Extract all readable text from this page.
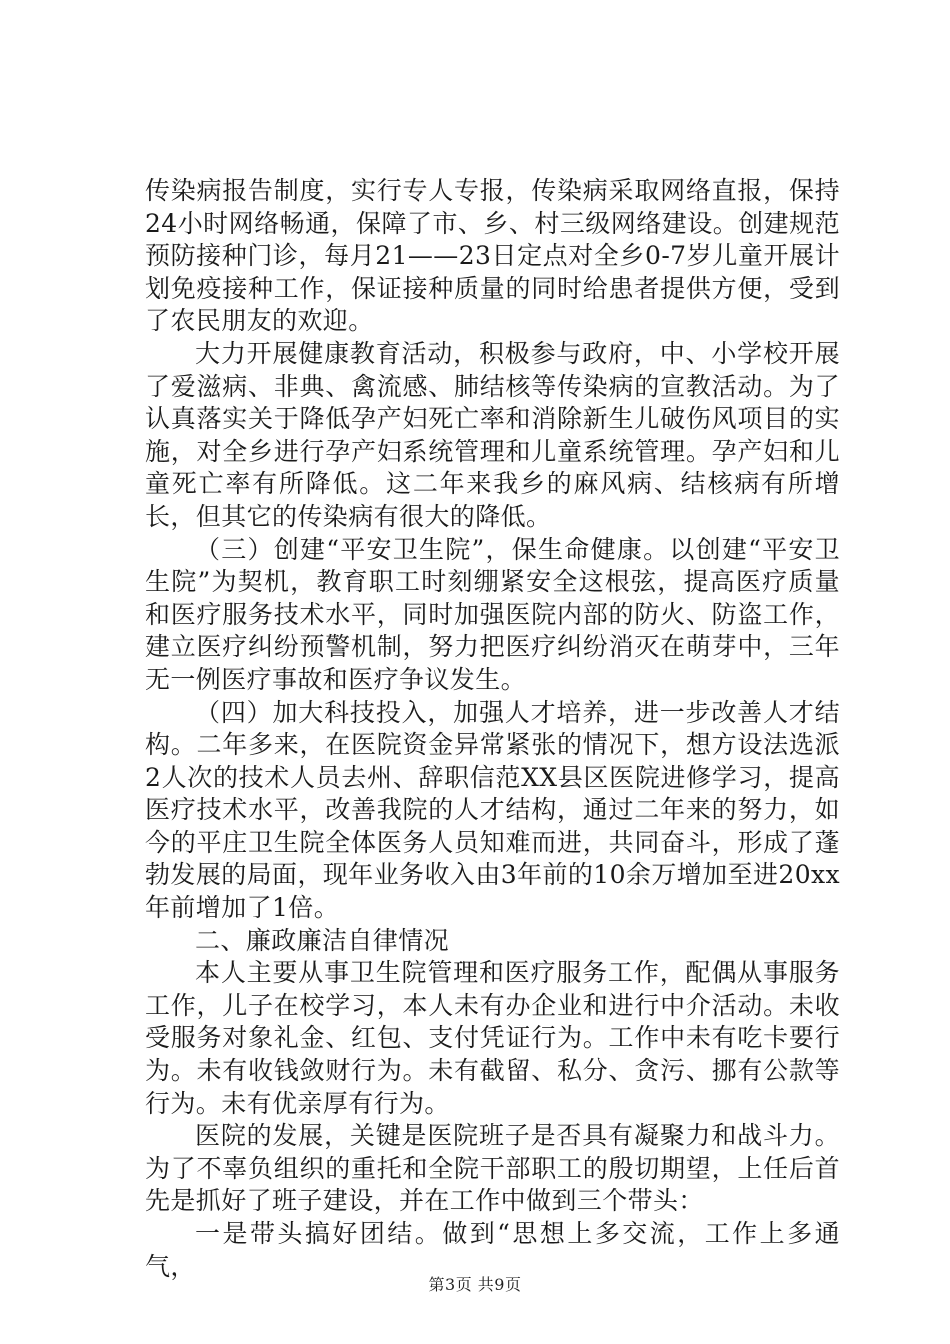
传染病报告制度，实行专人专报，传染病采取网络直报，保持24小时网络畅通，保障了市、乡、村三级网络建设。创建规范预防接种门诊，每月21——23日定点对全乡0-7岁儿童开展计划免疫接种工作，保证接种质量的同时给患者提供方便，受到了农民朋友的欢迎。

大力开展健康教育活动，积极参与政府，中、小学校开展了爱滋病、非典、禽流感、肺结核等传染病的宣教活动。为了认真落实关于降低孕产妇死亡率和消除新生儿破伤风项目的实施，对全乡进行孕产妇系统管理和儿童系统管理。孕产妇和儿童死亡率有所降低。这二年来我乡的麻风病、结核病有所增长，但其它的传染病有很大的降低。

（三）创建“平安卫生院”，保生命健康。以创建“平安卫生院”为契机，教育职工时刻绷紧安全这根弦，提高医疗质量和医疗服务技术水平，同时加强医院内部的防火、防盗工作，建立医疗纠纷预警机制，努力把医疗纠纷消灭在萌芽中，三年无一例医疗事故和医疗争议发生。

（四）加大科技投入，加强人才培养，进一步改善人才结构。二年多来，在医院资金异常紧张的情况下，想方设法选派2人次的技术人员去州、辞职信范XX县区医院进修学习，提高医疗技术水平，改善我院的人才结构，通过二年来的努力，如今的平庄卫生院全体医务人员知难而进，共同奋斗，形成了蓬勃发展的局面，现年业务收入由3年前的10余万增加至进20xx年前增加了1倍。

二、廉政廉洁自律情况

本人主要从事卫生院管理和医疗服务工作，配偶从事服务工作，儿子在校学习，本人未有办企业和进行中介活动。未收受服务对象礼金、红包、支付凭证行为。工作中未有吃卡要行为。未有收钱敛财行为。未有截留、私分、贪污、挪有公款等行为。未有优亲厚有行为。

医院的发展，关键是医院班子是否具有凝聚力和战斗力。为了不辜负组织的重托和全院干部职工的殷切期望，上任后首先是抓好了班子建设，并在工作中做到三个带头：

一是带头搞好团结。做到“思想上多交流，工作上多通气，

第3页 共9页
